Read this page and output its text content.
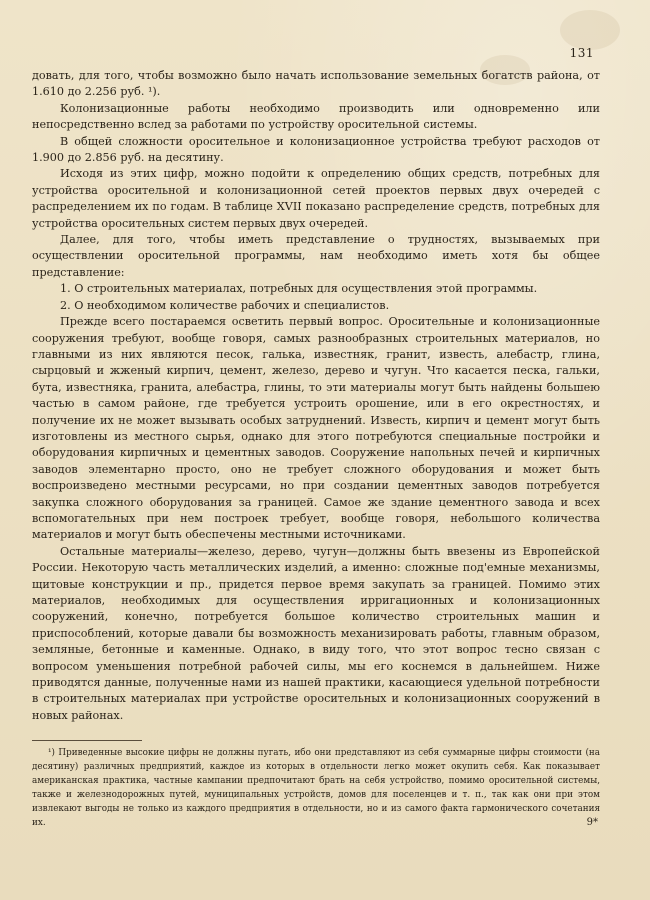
131

довать, для того, чтобы возможно было начать использование земельных богатств района, от 1.610 до 2.256 руб. ¹).

Колонизационные работы необходимо производить или одновременно или непосредственно вслед за работами по устройству оросительной системы.

В общей сложности оросительное и колонизационное устройства требуют расходов от 1.900 до 2.856 руб. на десятину.

Исходя из этих цифр, можно подойти к определению общих средств, потребных для устройства оросительной и колонизационной сетей проектов первых двух очередей с распределением их по годам. В таблице XVII показано распределение средств, потребных для устройства оросительных систем первых двух очередей.

Далее, для того, чтобы иметь представление о трудностях, вызываемых при осуществлении оросительной программы, нам необходимо иметь хотя бы общее представление:

1. О строительных материалах, потребных для осуществления этой программы.

2. О необходимом количестве рабочих и специалистов.

Прежде всего постараемся осветить первый вопрос. Оросительные и колонизационные сооружения требуют, вообще говоря, самых разнообразных строительных материалов, но главными из них являются песок, галька, известняк, гранит, известь, алебастр, глина, сырцовый и жженый кирпич, цемент, железо, дерево и чугун. Что касается песка, гальки, бута, известняка, гранита, алебастра, глины, то эти материалы могут быть найдены большею частью в самом районе, где требуется устроить орошение, или в его окрестностях, и получение их не может вызывать особых затруднений. Известь, кирпич и цемент могут быть изготовлены из местного сырья, однако для этого потребуются специальные постройки и оборудования кирпичных и цементных заводов. Сооружение напольных печей и кирпичных заводов элементарно просто, оно не требует сложного оборудования и может быть воспроизведено местными ресурсами, но при создании цементных заводов потребуется закупка сложного оборудования за границей. Самое же здание цементного завода и всех вспомогательных при нем построек требует, вообще говоря, небольшого количества материалов и могут быть обеспечены местными источниками.

Остальные материалы—железо, дерево, чугун—должны быть ввезены из Европейской России. Некоторую часть металлических изделий, а именно: сложные под'емные механизмы, щитовые конструкции и пр., придется первое время закупать за границей. Помимо этих материалов, необходимых для осуществления ирригационных и колонизационных сооружений, конечно, потребуется большое количество строительных машин и приспособлений, которые давали бы возможность механизировать работы, главным образом, земляные, бетонные и каменные. Однако, в виду того, что этот вопрос тесно связан с вопросом уменьшения потребной рабочей силы, мы его коснемся в дальнейшем. Ниже приводятся данные, полученные нами из нашей практики, касающиеся удельной потребности в строительных материалах при устройстве оросительных и колонизационных сооружений в новых районах.

¹) Приведенные высокие цифры не должны пугать, ибо они представляют из себя суммарные цифры стоимости (на десятину) различных предприятий, каждое из которых в отдельности легко может окупить себя. Как показывает американская практика, частные кампании предпочитают брать на себя устройство, помимо оросительной системы, также и железнодорожных путей, муниципальных устройств, домов для поселенцев и т. п., так как они при этом извлекают выгоды не только из каждого предприятия в отдельности, но и из самого факта гармонического сочетания их.	9*
